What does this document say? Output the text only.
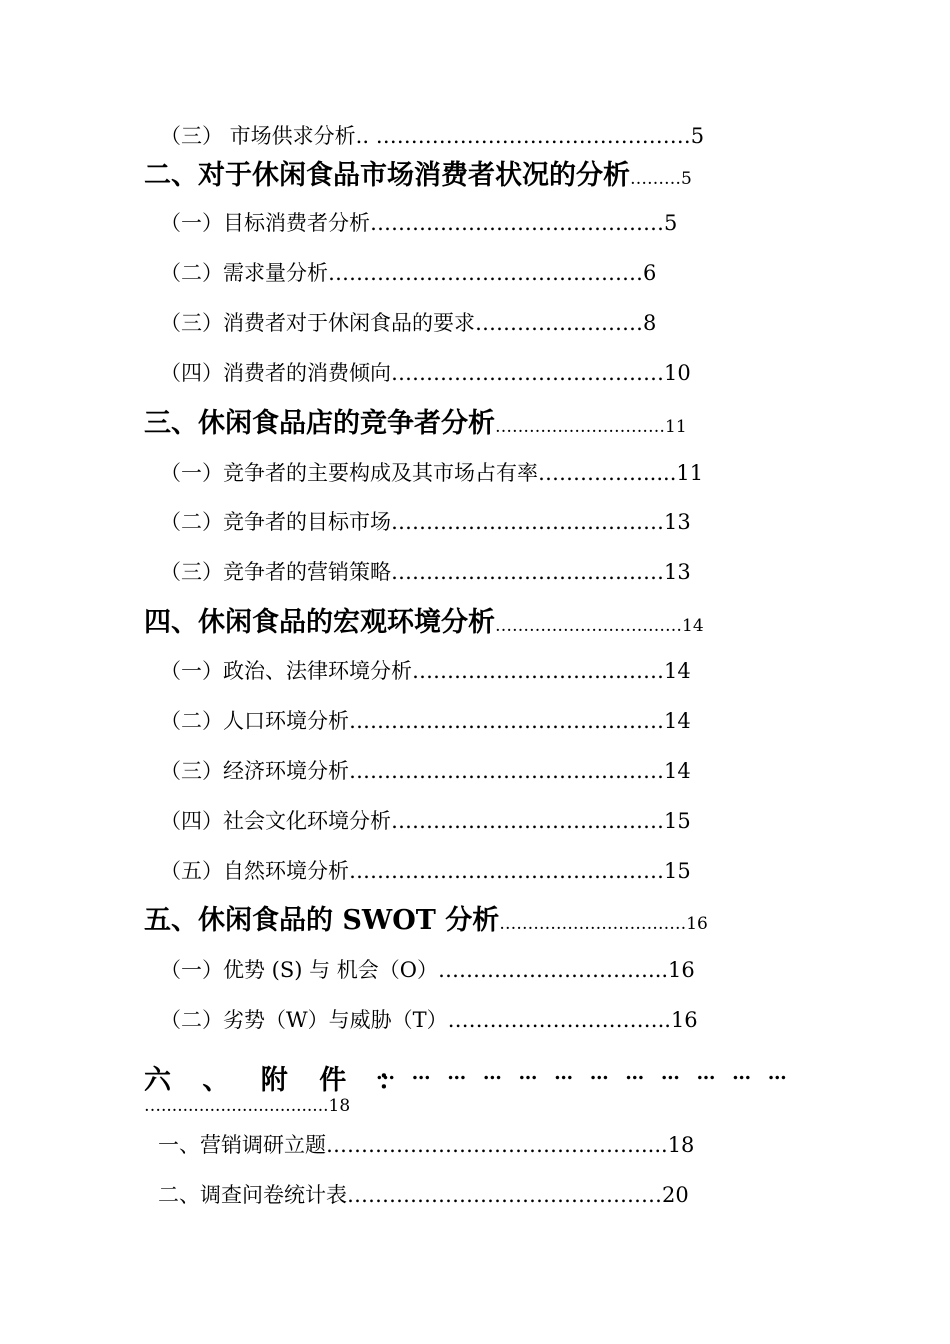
（三） 市场供求分析.. ………………………………………5
二、对于休闲食品市场消费者状况的分析………5
（一）目标消费者分析……………………………………5
（二）需求量分析………………………………………6
（三）消费者对于休闲食品的要求……………………8
（四）消费者的消费倾向…………………………………10
三、休闲食品店的竞争者分析…………………………11
（一）竞争者的主要构成及其市场占有率…………….....11
（二）竞争者的目标市场…………………………………13
（三）竞争者的营销策略…………………………………13
四、休闲食品的宏观环境分析……………………………14
（一）政治、法律环境分析………………………………14
（二）人口环境分析………………………………………14
（三）经济环境分析………………………………………14
（四）社会文化环境分析…………………………………15
（五）自然环境分析………………………………………15
五、休闲食品的 SWOT 分析……………………………16
（一）优势 (S) 与 机会（O）…………………………...16
（二）劣势（W）与威胁（T）…………………………..16
六 、 附 件 ：
… … … … … … … … … … … …
…...............................18
一、营销调研立题………………………………………....18
二、调查问卷统计表………………………………………20
